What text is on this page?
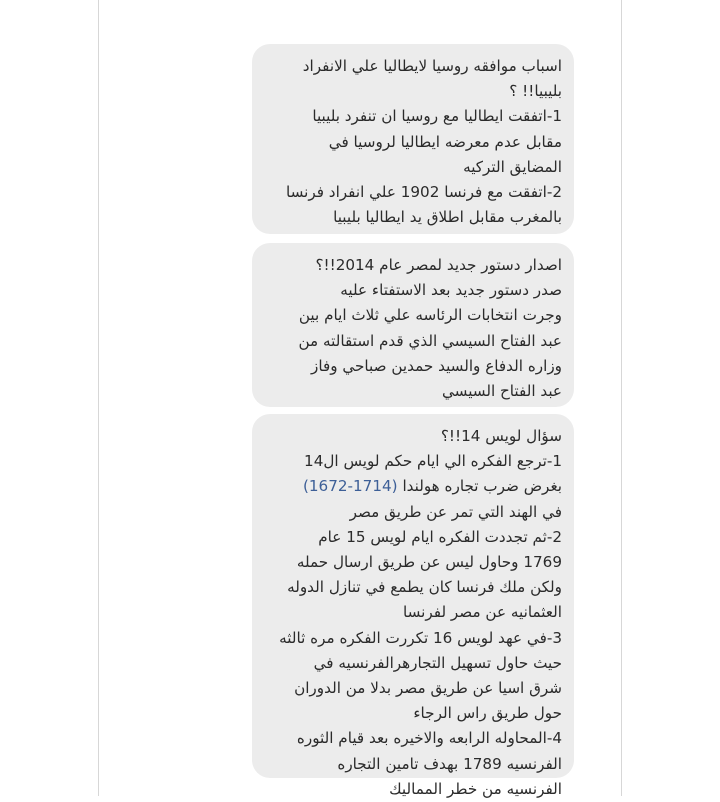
اسباب موافقه روسيا لايطاليا علي الانفراد
بليبيا!! ؟
1-اتفقت ايطاليا مع روسيا ان تنفرد بليبيا
مقابل عدم معرضه ايطاليا لروسيا في
المضايق التركيه
2-اتفقت مع فرنسا 1902 علي انفراد فرنسا
بالمغرب مقابل اطلاق يد ايطاليا بليبيا
اصدار دستور جديد لمصر عام 2014!!؟
صدر دستور جديد بعد الاستفتاء عليه
وجرت انتخابات الرئاسه علي ثلاث ايام بين
عبد الفتاح السيسي الذي قدم استقالته من
وزاره الدفاع والسيد حمدين صباحي وفاز
عبد الفتاح السيسي
سؤال لويس 14!!؟
1-ترجع الفكره الي ايام حكم لويس ال14
بغرض ضرب تجاره هولندا (1714-1672)
في الهند التي تمر عن طريق مصر
2-ثم تجددت الفكره ايام لويس 15 عام
1769 وحاول ليس عن طريق ارسال حمله
ولكن ملك فرنسا كان يطمع في تنازل الدوله
العثمانيه عن مصر لفرنسا
3-في عهد لويس 16 تكررت الفكره مره ثالثه
حيث حاول تسهيل التجارهرالفرنسيه في
شرق اسيا عن طريق مصر بدلا من الدوران
حول طريق راس الرجاء
4-المحاوله الرابعه والاخيره بعد قيام الثوره
الفرنسيه 1789 بهدف تامين التجاره
الفرنسيه من خطر المماليك
